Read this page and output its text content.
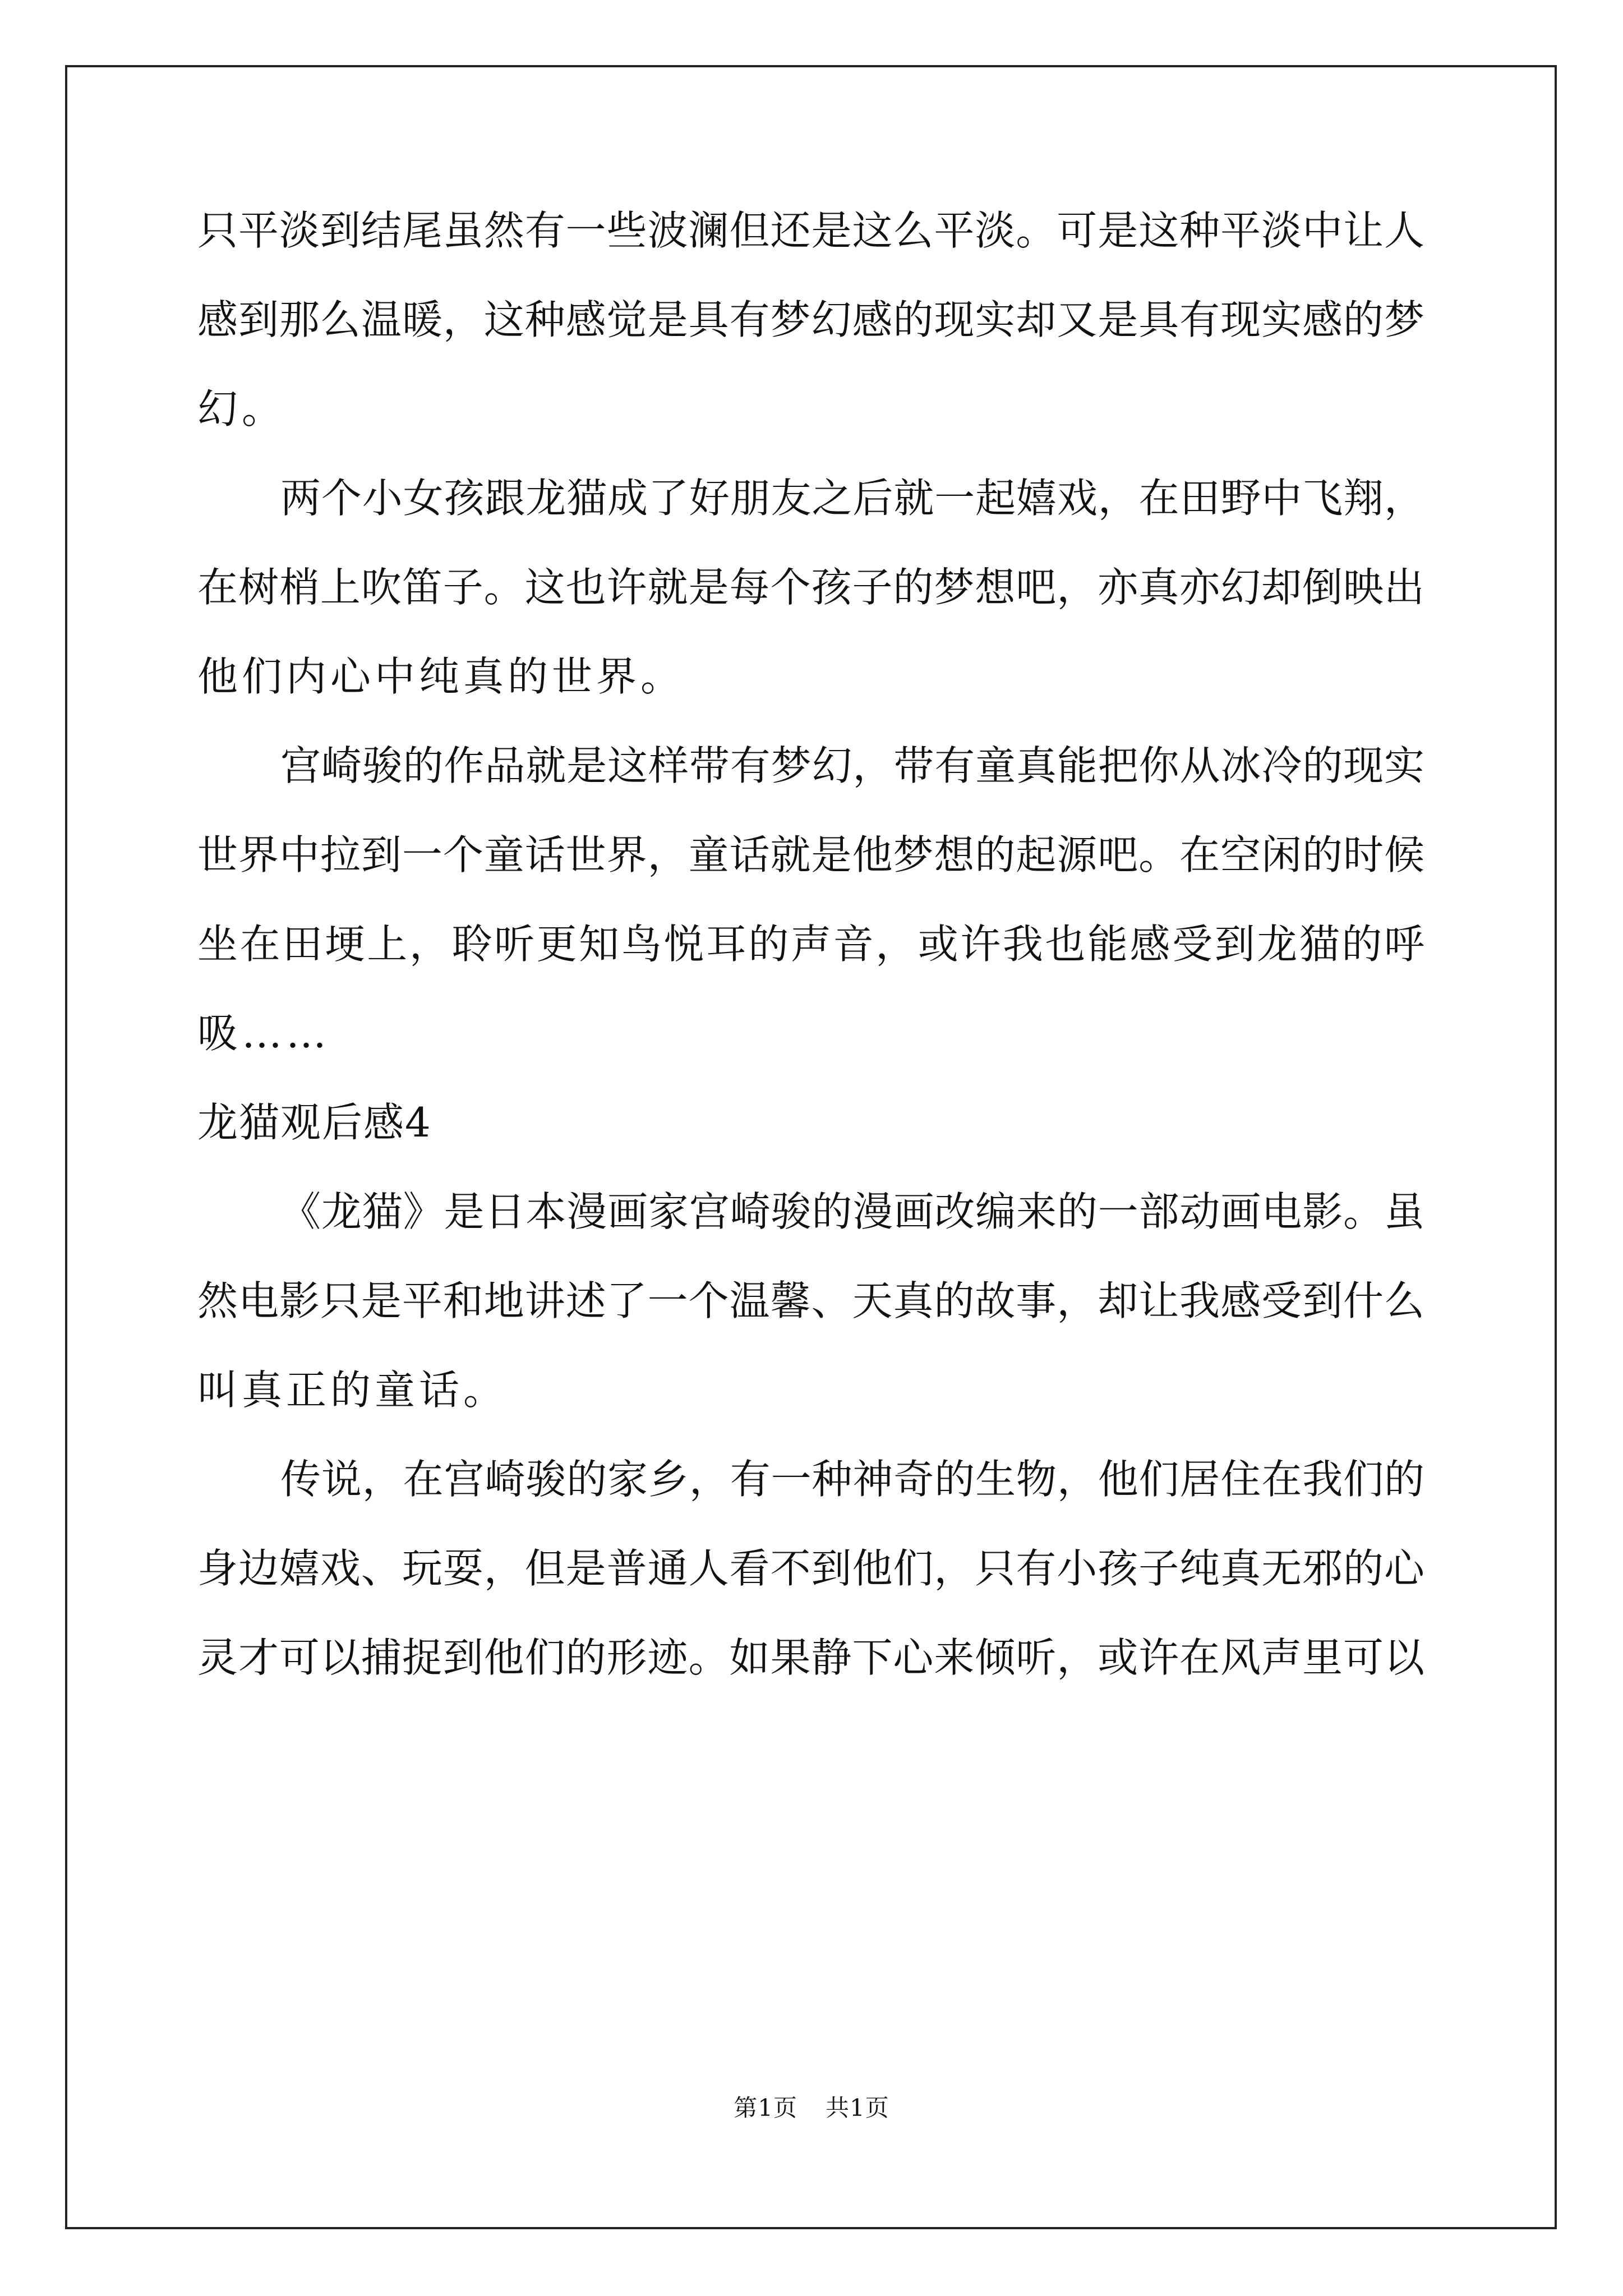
只平淡到结尾虽然有一些波澜但还是这么平淡。可是这种平淡中让人
感到那么温暖，这种感觉是具有梦幻感的现实却又是具有现实感的梦
幻。
两个小女孩跟龙猫成了好朋友之后就一起嬉戏，在田野中飞翔，
在树梢上吹笛子。这也许就是每个孩子的梦想吧，亦真亦幻却倒映出
他们内心中纯真的世界。
宫崎骏的作品就是这样带有梦幻，带有童真能把你从冰冷的现实
世界中拉到一个童话世界，童话就是他梦想的起源吧。在空闲的时候
坐在田埂上，聆听更知鸟悦耳的声音，或许我也能感受到龙猫的呼
吸……
龙猫观后感4
《龙猫》是日本漫画家宫崎骏的漫画改编来的一部动画电影。虽
然电影只是平和地讲述了一个温馨、天真的故事，却让我感受到什么
叫真正的童话。
传说，在宫崎骏的家乡，有一种神奇的生物，他们居住在我们的
身边嬉戏、玩耍，但是普通人看不到他们，只有小孩子纯真无邪的心
灵才可以捕捉到他们的形迹。如果静下心来倾听，或许在风声里可以
第1页 共1页
